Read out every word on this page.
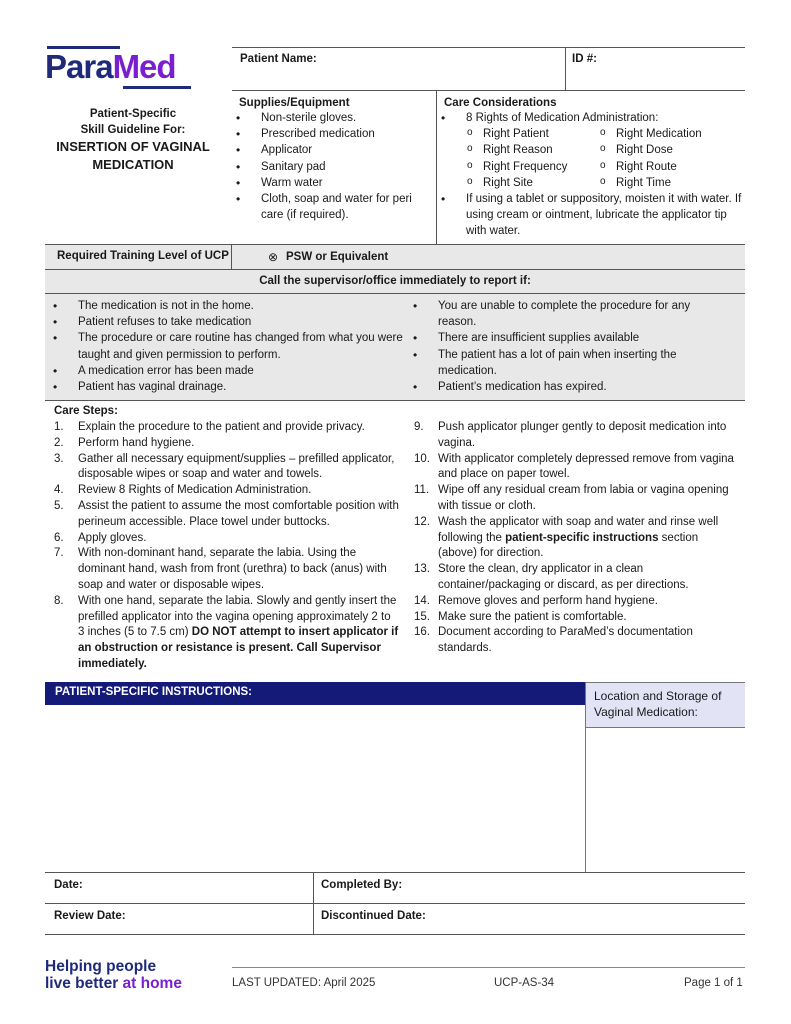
ParaMed
Patient-Specific
Skill Guideline For:
INSERTION OF VAGINAL
MEDICATION
Patient Name:	ID #:
Supplies/Equipment
• Non-sterile gloves.
• Prescribed medication
• Applicator
• Sanitary pad
• Warm water
• Cloth, soap and water for peri care (if required).
Care Considerations
• 8 Rights of Medication Administration:
o Right Patient	o Right Medication
o Right Reason	o Right Dose
o Right Frequency	o Right Route
o Right Site	o Right Time
• If using a tablet or suppository, moisten it with water. If using cream or ointment, lubricate the applicator tip with water.
Required Training Level of UCP	⊗ PSW or Equivalent
Call the supervisor/office immediately to report if:
• The medication is not in the home.
• Patient refuses to take medication
• The procedure or care routine has changed from what you were taught and given permission to perform.
• A medication error has been made
• Patient has vaginal drainage.
• You are unable to complete the procedure for any reason.
• There are insufficient supplies available
• The patient has a lot of pain when inserting the medication.
• Patient’s medication has expired.
Care Steps:
1. Explain the procedure to the patient and provide privacy.
2. Perform hand hygiene.
3. Gather all necessary equipment/supplies – prefilled applicator, disposable wipes or soap and water and towels.
4. Review 8 Rights of Medication Administration.
5. Assist the patient to assume the most comfortable position with perineum accessible. Place towel under buttocks.
6. Apply gloves.
7. With non-dominant hand, separate the labia. Using the dominant hand, wash from front (urethra) to back (anus) with soap and water or disposable wipes.
8. With one hand, separate the labia. Slowly and gently insert the prefilled applicator into the vagina opening approximately 2 to 3 inches (5 to 7.5 cm) DO NOT attempt to insert applicator if an obstruction or resistance is present. Call Supervisor immediately.
9. Push applicator plunger gently to deposit medication into vagina.
10. With applicator completely depressed remove from vagina and place on paper towel.
11. Wipe off any residual cream from labia or vagina opening with tissue or cloth.
12. Wash the applicator with soap and water and rinse well following the patient-specific instructions section (above) for direction.
13. Store the clean, dry applicator in a clean container/packaging or discard, as per directions.
14. Remove gloves and perform hand hygiene.
15. Make sure the patient is comfortable.
16. Document according to ParaMed’s documentation standards.
PATIENT-SPECIFIC INSTRUCTIONS:	Location and Storage of Vaginal Medication:
Date:	Completed By:
Review Date:	Discontinued Date:
Helping people
live better at home	LAST UPDATED: April 2025	UCP-AS-34	Page 1 of 1
